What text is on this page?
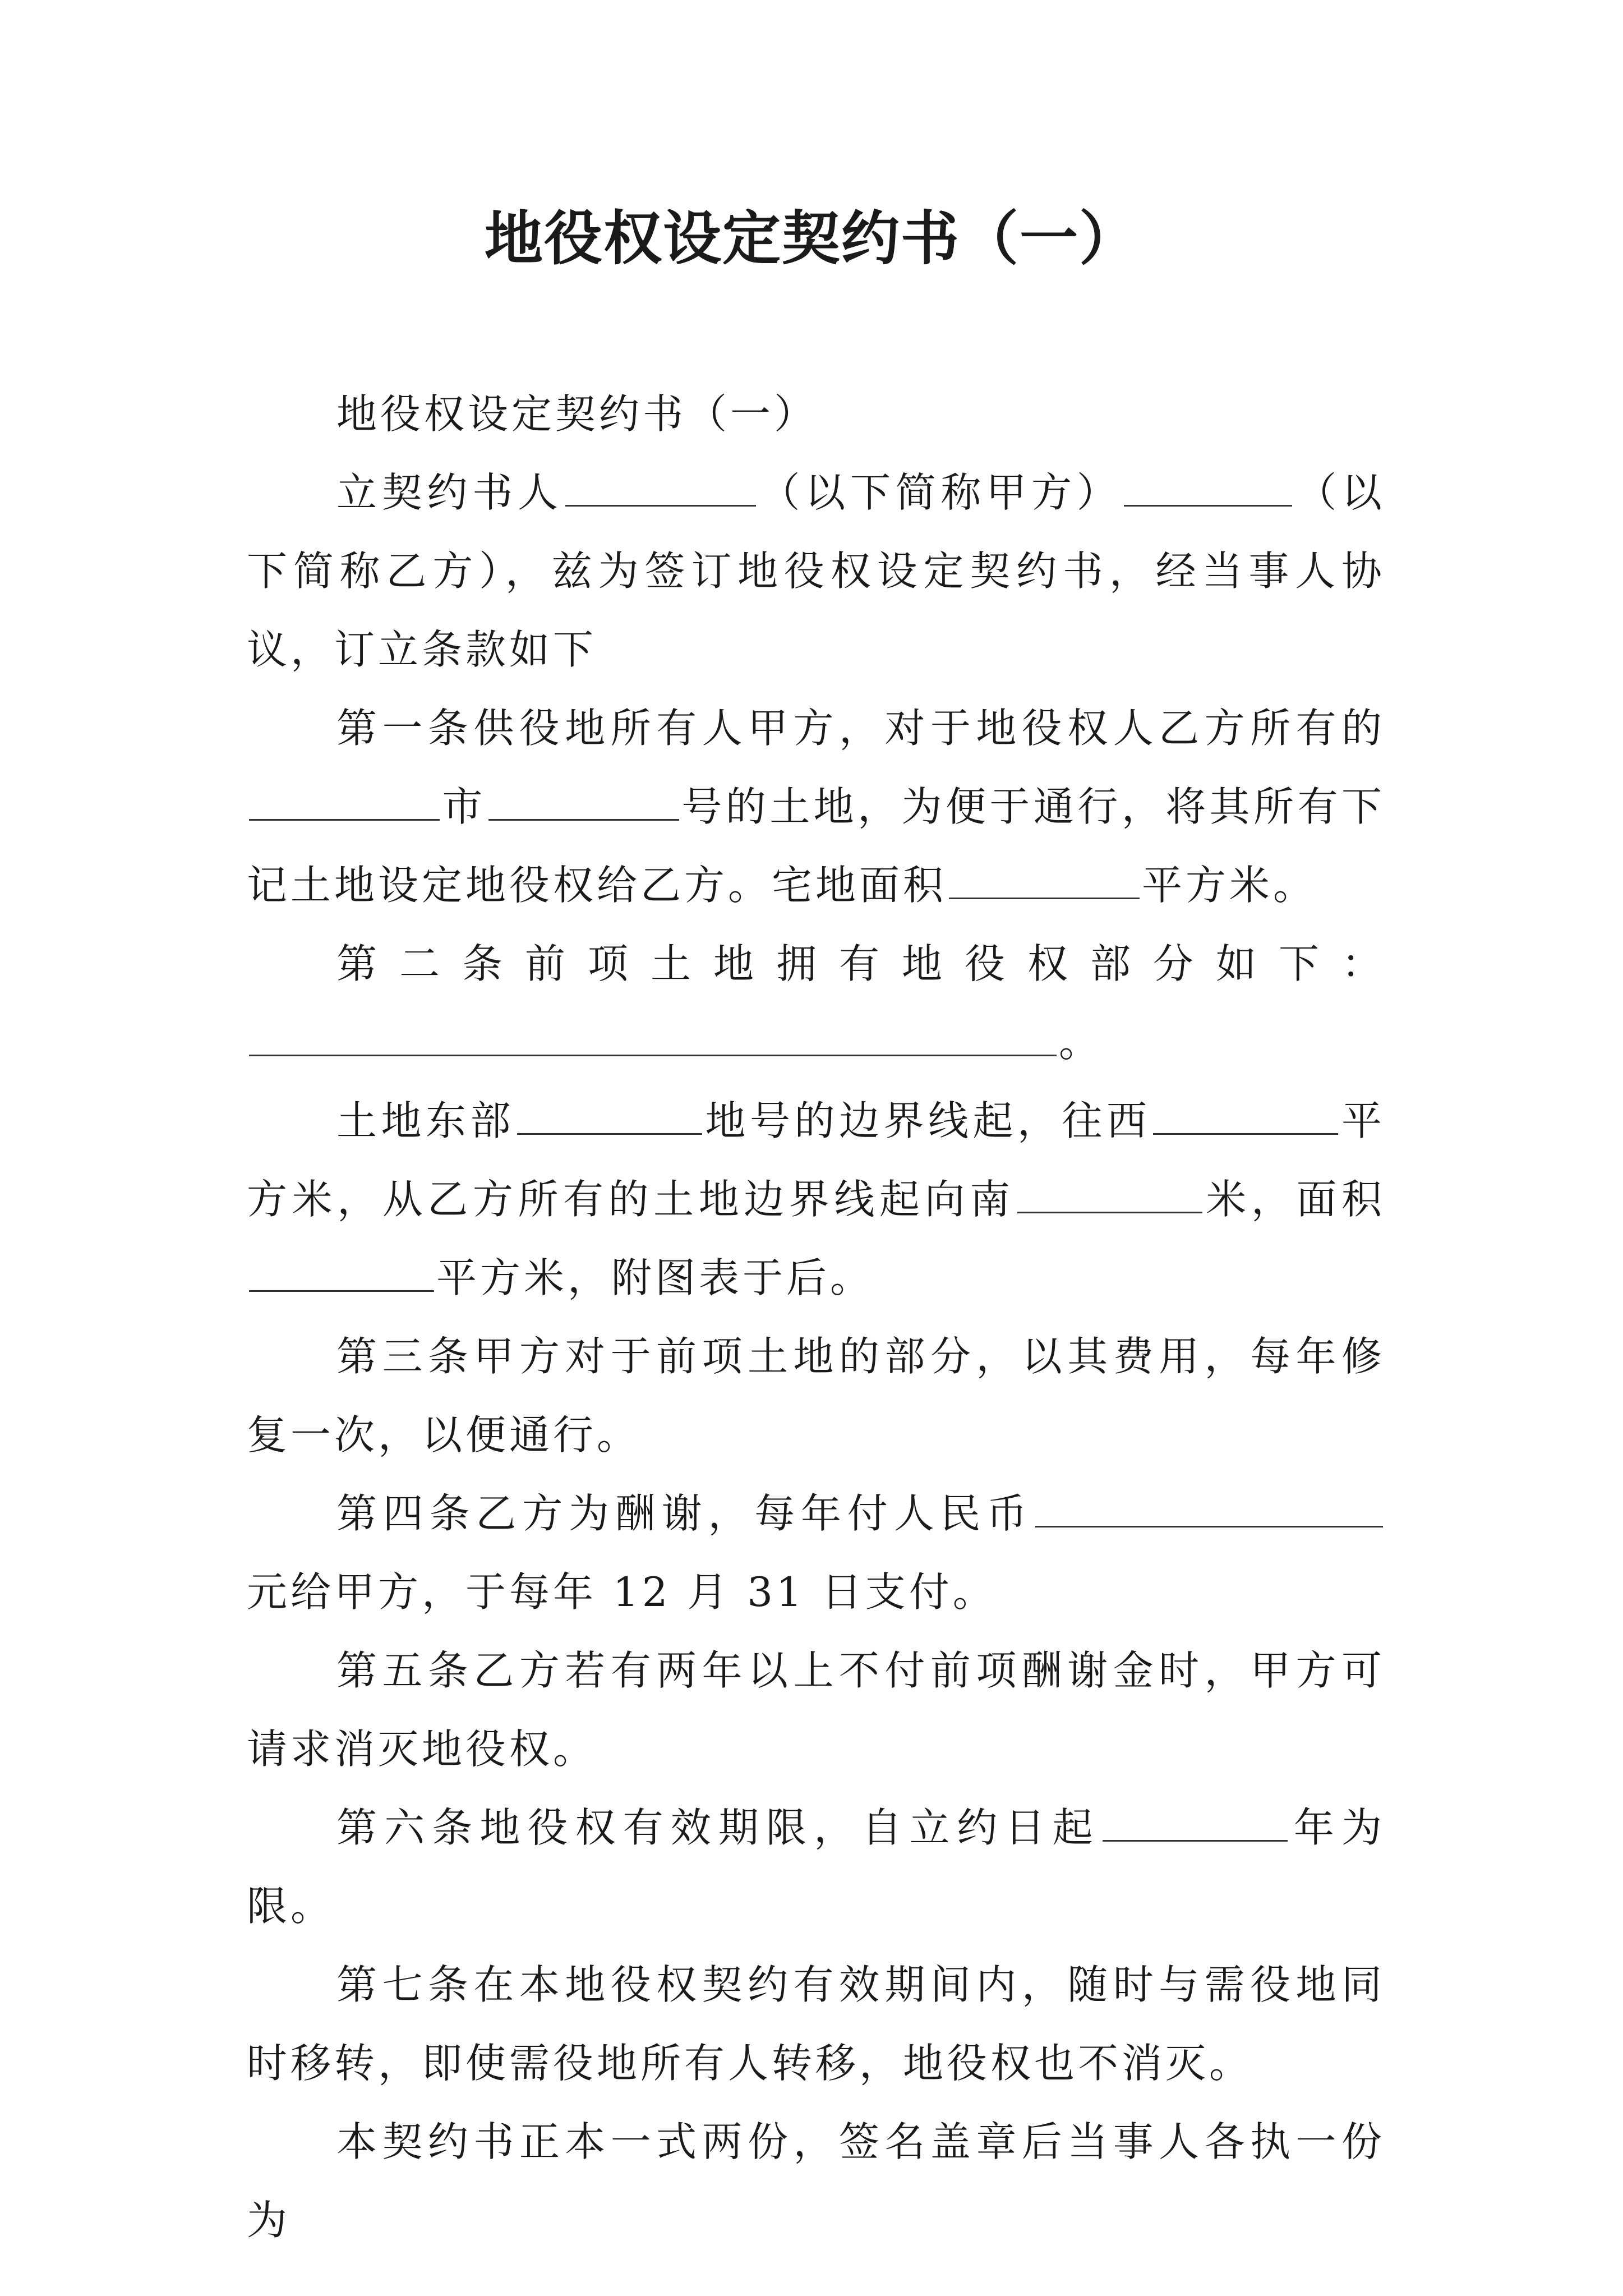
地役权设定契约书（一）

地役权设定契约书（一）

立契约书人	（以下简称甲方）	（以下简称乙方），兹为签订地役权设定契约书，经当事人协议，订立条款如下

第一条供役地所有人甲方，对于地役权人乙方所有的市	号的土地，为便于通行，将其所有下记土地设定地役权给乙方。宅地面积	平方米。

第二条前项土地拥有地役权部分如下：

。

土地东部	地号的边界线起，往西	平方米，从乙方所有的土地边界线起向南	米，面积平方米，附图表于后。

第三条甲方对于前项土地的部分，以其费用，每年修复一次，以便通行。

第四条乙方为酬谢，每年付人民币元给甲方，于每年 12 月 31 日支付。

第五条乙方若有两年以上不付前项酬谢金时，甲方可请求消灭地役权。

第六条地役权有效期限，自立约日起	年为限。

第七条在本地役权契约有效期间内，随时与需役地同时移转，即使需役地所有人转移，地役权也不消灭。

本契约书正本一式两份，签名盖章后当事人各执一份为
